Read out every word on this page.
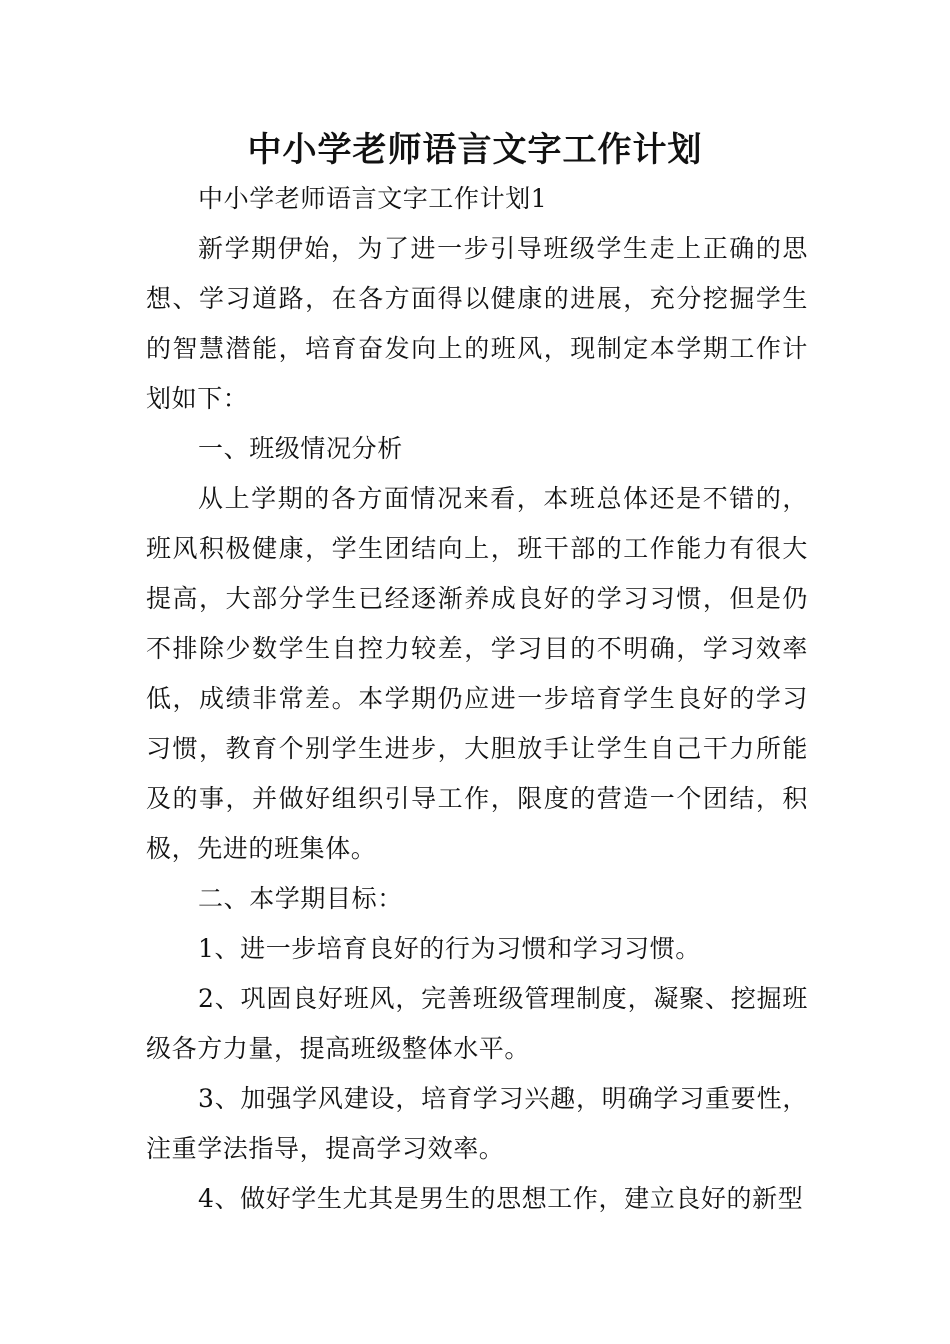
中小学老师语言文字工作计划

中小学老师语言文字工作计划1

新学期伊始，为了进一步引导班级学生走上正确的思想、学习道路，在各方面得以健康的进展，充分挖掘学生的智慧潜能，培育奋发向上的班风，现制定本学期工作计划如下：

一、班级情况分析

从上学期的各方面情况来看，本班总体还是不错的，班风积极健康，学生团结向上，班干部的工作能力有很大提高，大部分学生已经逐渐养成良好的学习习惯，但是仍不排除少数学生自控力较差，学习目的不明确，学习效率低，成绩非常差。本学期仍应进一步培育学生良好的学习习惯，教育个别学生进步，大胆放手让学生自己干力所能及的事，并做好组织引导工作，限度的营造一个团结，积极，先进的班集体。

二、本学期目标：

1、进一步培育良好的行为习惯和学习习惯。

2、巩固良好班风，完善班级管理制度，凝聚、挖掘班级各方力量，提高班级整体水平。

3、加强学风建设，培育学习兴趣，明确学习重要性，注重学法指导，提高学习效率。

4、做好学生尤其是男生的思想工作，建立良好的新型
